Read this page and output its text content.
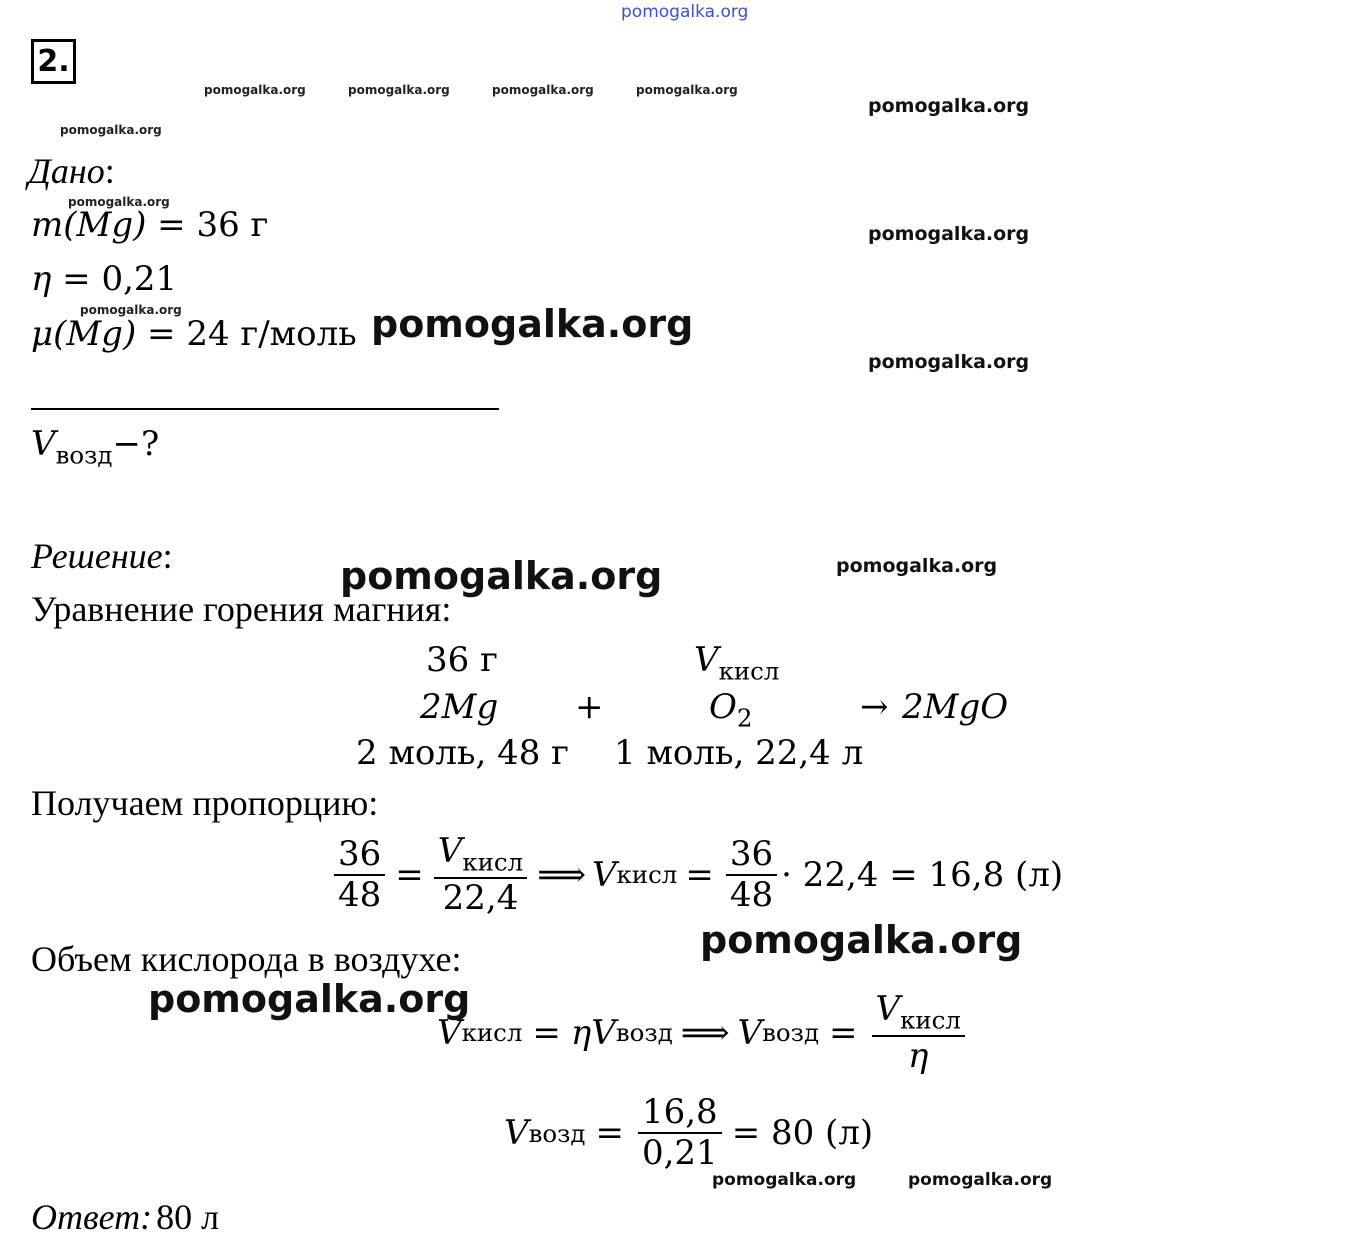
pomogalka.org
pomogalka.org	pomogalka.org	pomogalka.org	pomogalka.org
pomogalka.org
pomogalka.org
pomogalka.org
pomogalka.org
pomogalka.org	pomogalka.org
pomogalka.org
pomogalka.org	pomogalka.org
pomogalka.org
pomogalka.org
pomogalka.org	pomogalka.org
2.
Дано:
m(Mg) = 36 г
η = 0,21
μ(Mg) = 24 г/моль
$V_{возд}-$?
Решение:
Уравнение горения магния:
36 г	$V_{кисл}$
2Mg +	$O_2$	→ 2MgO
2 моль, 48 г 1 моль, 22,4 л
Получаем пропорцию:
$\frac{36}{48} = \frac{V_{кисл}}{22,4}$ ⟹ V кисл = $\frac{36}{48} \cdot 22,4 = 16,8$ (л)
Объем кислорода в воздухе:
V кисл = η V возд ⟹ V возд = $\frac{V_{кисл}}{\eta}$
V возд = $\frac{16,8}{0,21} = 80$ (л)
Ответ: 80 л
